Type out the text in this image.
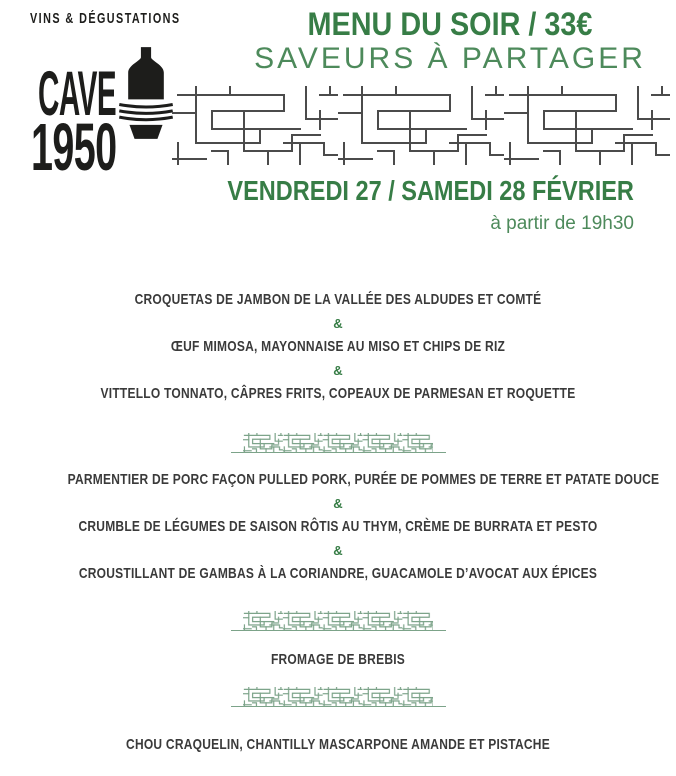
VINS & DÉGUSTATIONS
CAVE
1950
MENU DU SOIR / 33€
SAVEURS À PARTAGER
VENDREDI 27 / SAMEDI 28 FÉVRIER
à partir de 19h30
CROQUETAS DE JAMBON DE LA VALLÉE DES ALDUDES ET COMTÉ
&
ŒUF MIMOSA, MAYONNAISE AU MISO ET CHIPS DE RIZ
&
VITTELLO TONNATO, CÂPRES FRITS, COPEAUX DE PARMESAN ET ROQUETTE
PARMENTIER DE PORC FAÇON PULLED PORK, PURÉE DE POMMES DE TERRE ET PATATE DOUCE
&
CRUMBLE DE LÉGUMES DE SAISON RÔTIS AU THYM, CRÈME DE BURRATA ET PESTO
&
CROUSTILLANT DE GAMBAS À LA CORIANDRE, GUACAMOLE D’AVOCAT AUX ÉPICES
FROMAGE DE BREBIS
CHOU CRAQUELIN, CHANTILLY MASCARPONE AMANDE ET PISTACHE
